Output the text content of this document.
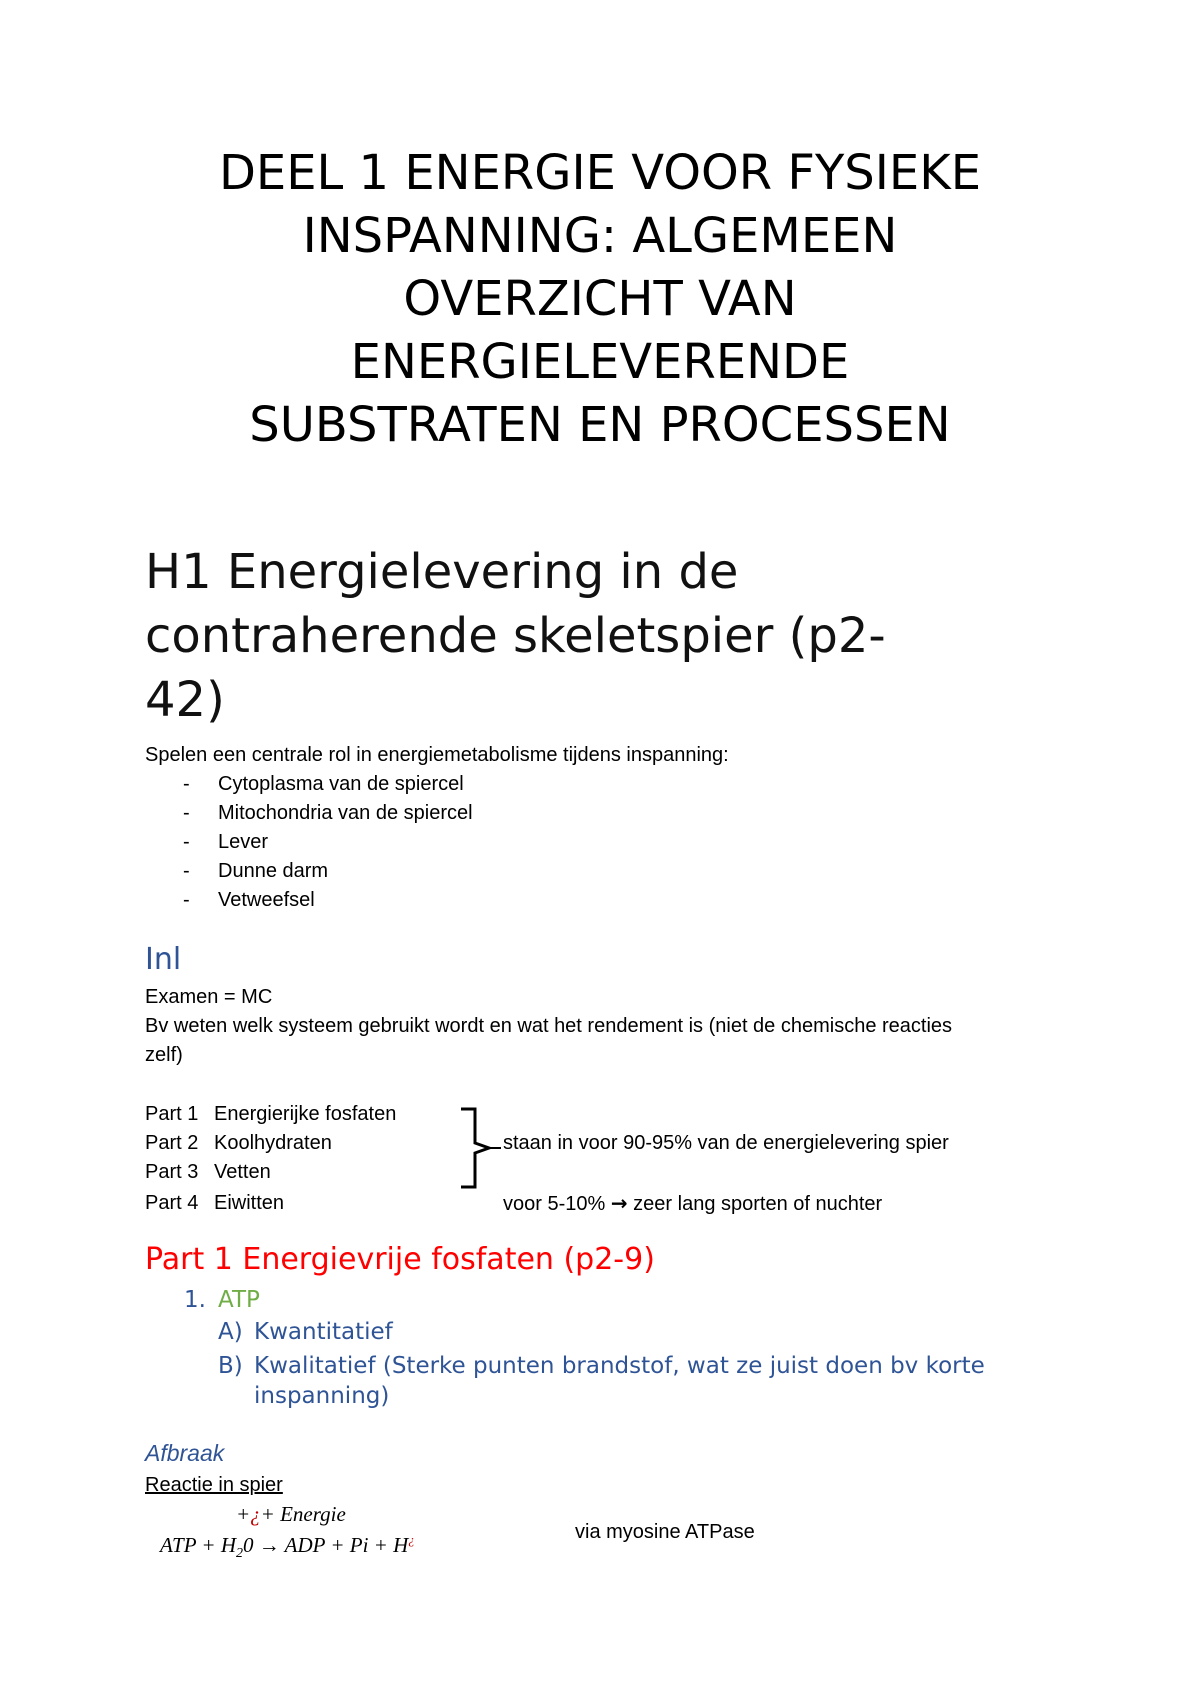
DEEL 1 ENERGIE VOOR FYSIEKE
INSPANNING: ALGEMEEN
OVERZICHT VAN
ENERGIELEVERENDE
SUBSTRATEN EN PROCESSEN
H1 Energielevering in de
contraherende skeletspier (p2-
42)
Spelen een centrale rol in energiemetabolisme tijdens inspanning:
- Cytoplasma van de spiercel
- Mitochondria van de spiercel
- Lever
- Dunne darm
- Vetweefsel
Inl
Examen = MC
Bv weten welk systeem gebruikt wordt en wat het rendement is (niet de chemische reacties
zelf)
Part 1 Energierijke fosfaten
Part 2 Koolhydraten
Part 3 Vetten
Part 4 Eiwitten
staan in voor 90-95% van de energielevering spier
voor 5-10% → zeer lang sporten of nuchter
Part 1 Energievrije fosfaten (p2-9)
1. ATP
A) Kwantitatief
B) Kwalitatief (Sterke punten brandstof, wat ze juist doen bv korte
inspanning)
Afbraak
Reactie in spier
+¿+ Energie
ATP + $H_20$ → ADP + Pi + H¿	via myosine ATPase
